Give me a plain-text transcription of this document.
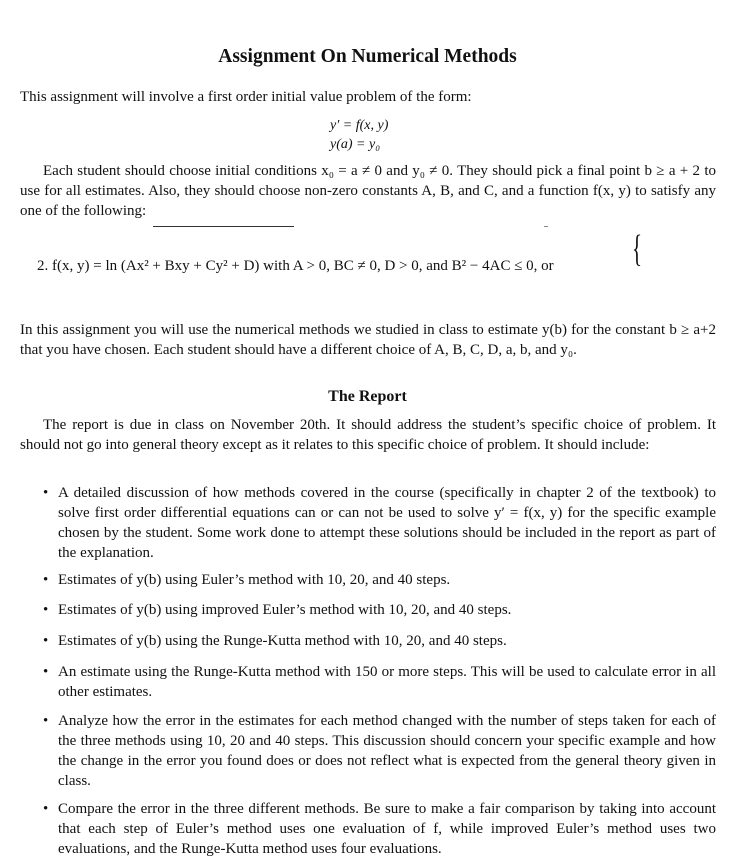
Assignment On Numerical Methods
This assignment will involve a first order initial value problem of the form:
{
y′ = f(x, y)
y(a) = y₀
Each student should choose initial conditions x₀ = a ≠ 0 and y₀ ≠ 0. They should pick a final point b ≥ a + 2 to use for all estimates. Also, they should choose non-zero constants A, B, and C, and a function f(x, y) to satisfy any one of the following:
2. f(x, y) = ln (Ax² + Bxy + Cy² + D) with A > 0, BC ≠ 0, D > 0, and B² − 4AC ≤ 0, or
In this assignment you will use the numerical methods we studied in class to estimate y(b) for the constant b ≥ a+2 that you have chosen. Each student should have a different choice of A, B, C, D, a, b, and y₀.
The Report
The report is due in class on November 20th. It should address the student’s specific choice of problem. It should not go into general theory except as it relates to this specific choice of problem. It should include:
• A detailed discussion of how methods covered in the course (specifically in chapter 2 of the textbook) to solve first order differential equations can or can not be used to solve y′ = f(x, y) for the specific example chosen by the student. Some work done to attempt these solutions should be included in the report as part of the explanation.
• Estimates of y(b) using Euler’s method with 10, 20, and 40 steps.
• Estimates of y(b) using improved Euler’s method with 10, 20, and 40 steps.
• Estimates of y(b) using the Runge-Kutta method with 10, 20, and 40 steps.
• An estimate using the Runge-Kutta method with 150 or more steps. This will be used to calculate error in all other estimates.
• Analyze how the error in the estimates for each method changed with the number of steps taken for each of the three methods using 10, 20 and 40 steps. This discussion should concern your specific example and how the change in the error you found does or does not reflect what is expected from the general theory given in class.
• Compare the error in the three different methods. Be sure to make a fair comparison by taking into account that each step of Euler’s method uses one evaluation of f, while improved Euler’s method uses two evaluations, and the Runge-Kutta method uses four evaluations.
